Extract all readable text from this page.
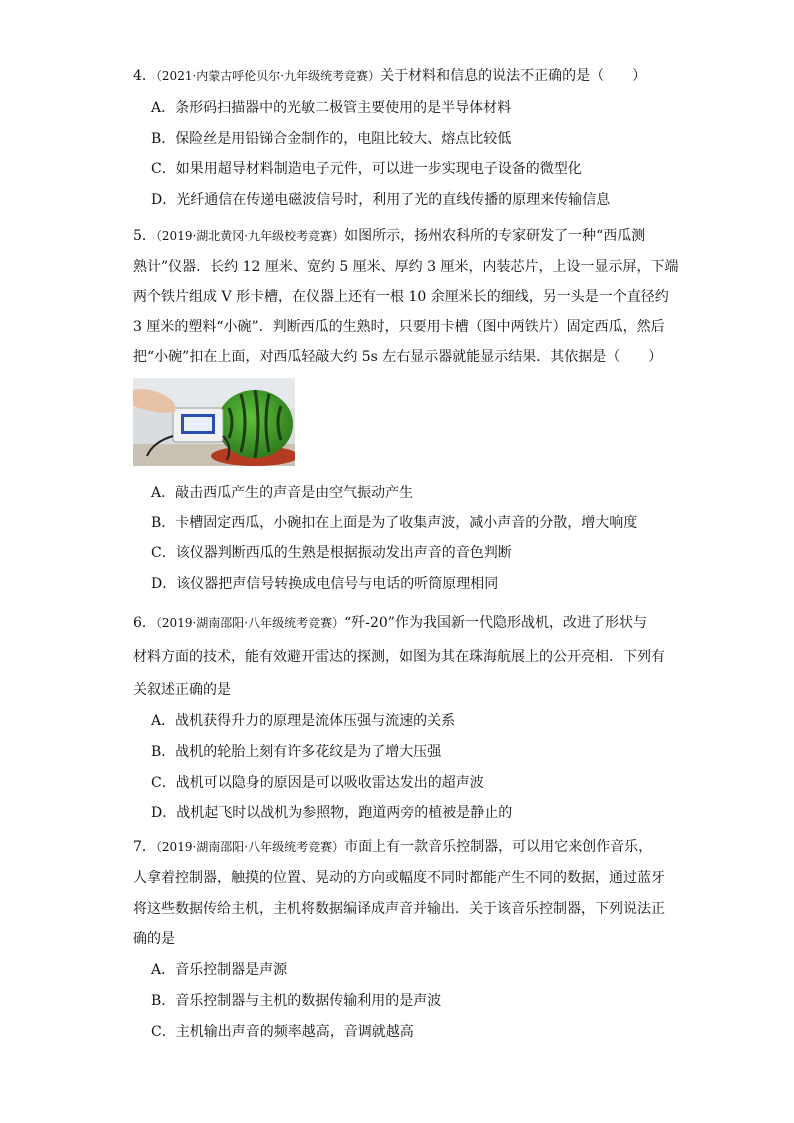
4．（2021·内蒙古呼伦贝尔·九年级统考竞赛）关于材料和信息的说法不正确的是（　　）
A．条形码扫描器中的光敏二极管主要使用的是半导体材料
B．保险丝是用铅锑合金制作的，电阻比较大、熔点比较低
C．如果用超导材料制造电子元件，可以进一步实现电子设备的微型化
D．光纤通信在传递电磁波信号时，利用了光的直线传播的原理来传输信息
5．（2019·湖北黄冈·九年级校考竞赛）如图所示，扬州农科所的专家研发了一种“西瓜测
熟计”仪器．长约 12 厘米、宽约 5 厘米、厚约 3 厘米，内装芯片，上设一显示屏，下端
两个铁片组成 V 形卡槽，在仪器上还有一根 10 余厘米长的细线，另一头是一个直径约
3 厘米的塑料“小碗”．判断西瓜的生熟时，只要用卡槽（图中两铁片）固定西瓜，然后
把“小碗”扣在上面，对西瓜轻敲大约 5s 左右显示器就能显示结果．其依据是（　　）
A．敲击西瓜产生的声音是由空气振动产生
B．卡槽固定西瓜，小碗扣在上面是为了收集声波，减小声音的分散，增大响度
C．该仪器判断西瓜的生熟是根据振动发出声音的音色判断
D．该仪器把声信号转换成电信号与电话的听筒原理相同
6．（2019·湖南邵阳·八年级统考竞赛）“歼-20”作为我国新一代隐形战机，改进了形状与
材料方面的技术，能有效避开雷达的探测，如图为其在珠海航展上的公开亮相．下列有
关叙述正确的是
A．战机获得升力的原理是流体压强与流速的关系
B．战机的轮胎上刻有许多花纹是为了增大压强
C．战机可以隐身的原因是可以吸收雷达发出的超声波
D．战机起飞时以战机为参照物，跑道两旁的植被是静止的
7．（2019·湖南邵阳·八年级统考竞赛）市面上有一款音乐控制器，可以用它来创作音乐，
人拿着控制器，触摸的位置、晃动的方向或幅度不同时都能产生不同的数据，通过蓝牙
将这些数据传给主机，主机将数据编译成声音并输出．关于该音乐控制器，下列说法正
确的是
A．音乐控制器是声源
B．音乐控制器与主机的数据传输利用的是声波
C．主机输出声音的频率越高，音调就越高
